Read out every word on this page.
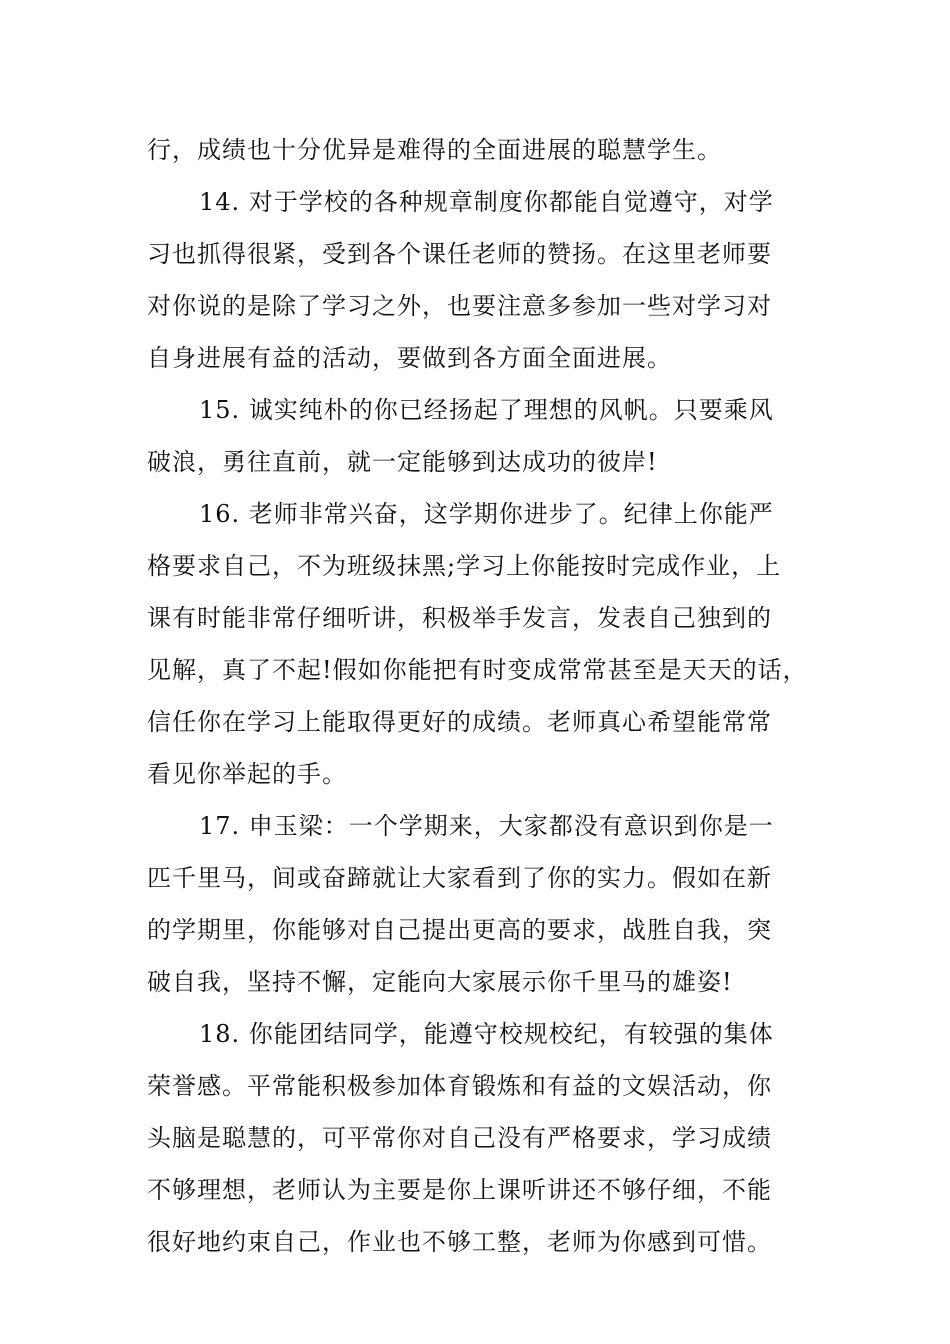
行，成绩也十分优异是难得的全面进展的聪慧学生。
14. 对于学校的各种规章制度你都能自觉遵守，对学
习也抓得很紧，受到各个课任老师的赞扬。在这里老师要
对你说的是除了学习之外，也要注意多参加一些对学习对
自身进展有益的活动，要做到各方面全面进展。
15. 诚实纯朴的你已经扬起了理想的风帆。只要乘风
破浪，勇往直前，就一定能够到达成功的彼岸!
16. 老师非常兴奋，这学期你进步了。纪律上你能严
格要求自己，不为班级抹黑;学习上你能按时完成作业，上
课有时能非常仔细听讲，积极举手发言，发表自己独到的
见解，真了不起!假如你能把有时变成常常甚至是天天的话，
信任你在学习上能取得更好的成绩。老师真心希望能常常
看见你举起的手。
17. 申玉梁：一个学期来，大家都没有意识到你是一
匹千里马，间或奋蹄就让大家看到了你的实力。假如在新
的学期里，你能够对自己提出更高的要求，战胜自我，突
破自我，坚持不懈，定能向大家展示你千里马的雄姿!
18. 你能团结同学，能遵守校规校纪，有较强的集体
荣誉感。平常能积极参加体育锻炼和有益的文娱活动，你
头脑是聪慧的，可平常你对自己没有严格要求，学习成绩
不够理想，老师认为主要是你上课听讲还不够仔细，不能
很好地约束自己，作业也不够工整，老师为你感到可惜。
